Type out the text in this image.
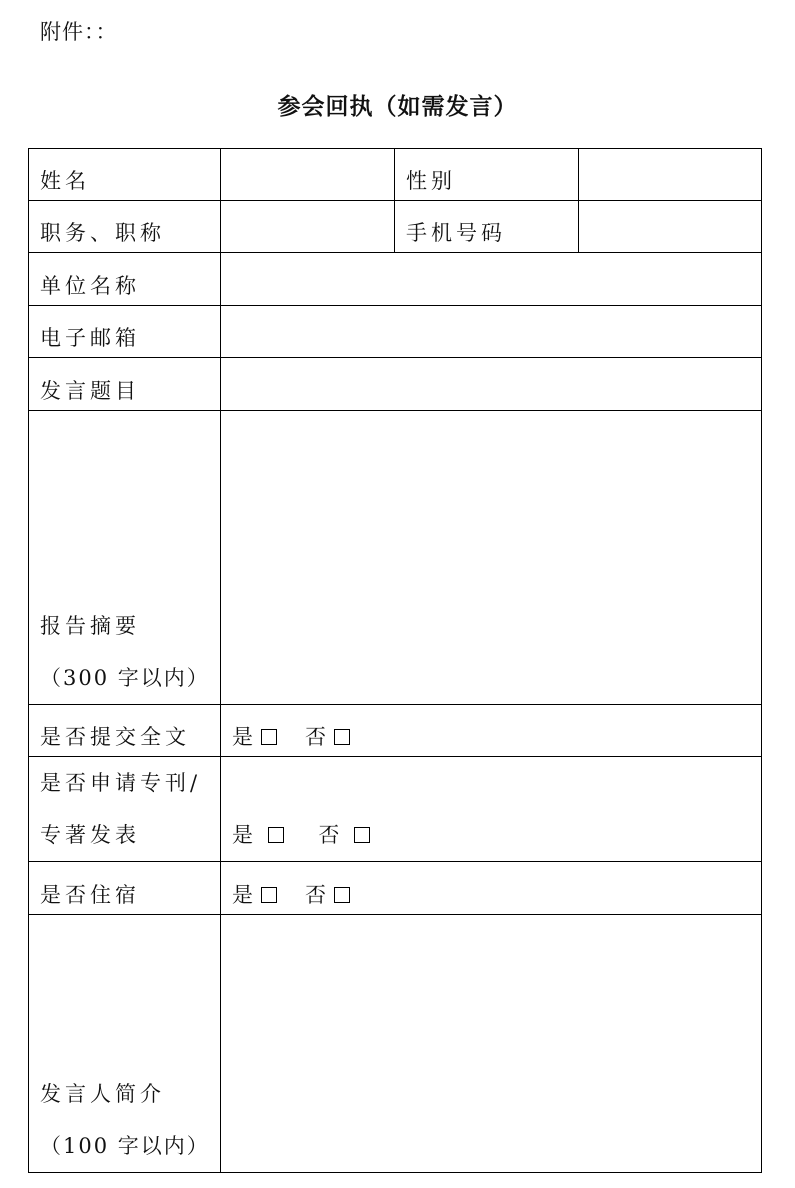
附件：：
参会回执（如需发言）
姓名		性别	

职务、职称		手机号码	

单位名称			

电子邮箱			

发言题目			

报告摘要
（300 字以内）			

是否提交全文	是 否		

是否申请专刊/
专著发表	是 否		

是否住宿	是 否		

发言人简介
（100 字以内）			
